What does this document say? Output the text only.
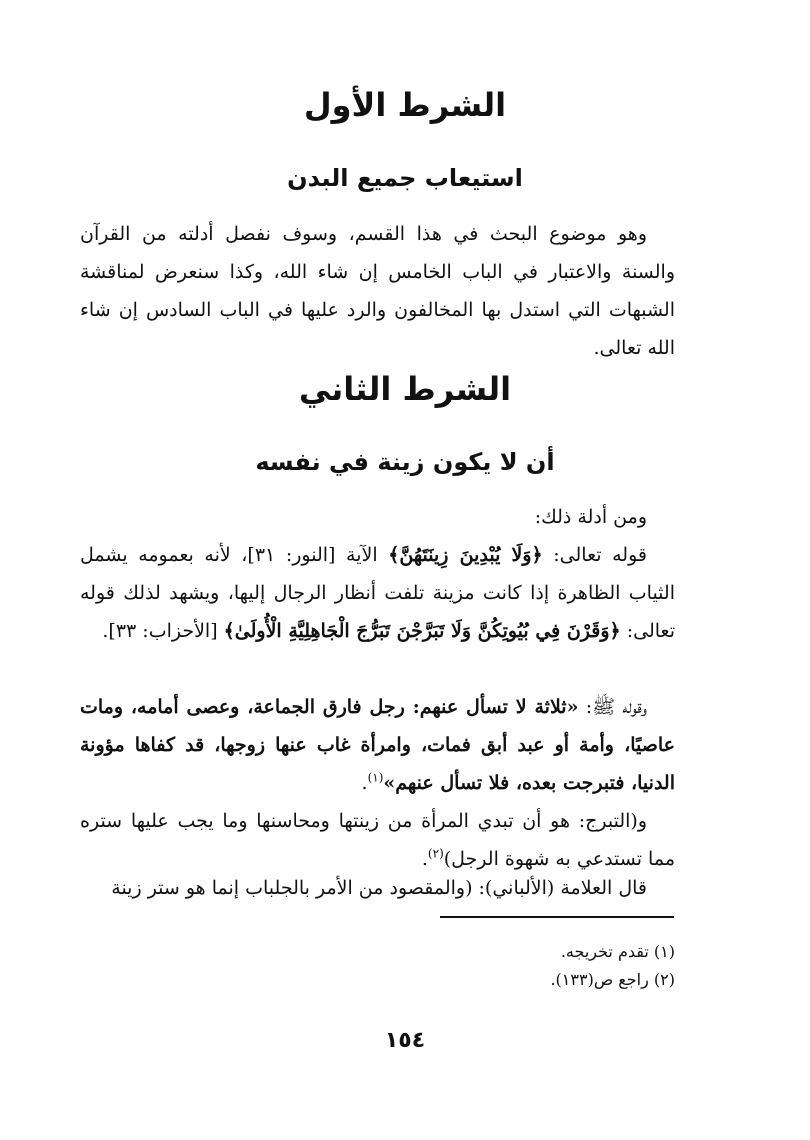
الشرط الأول
استيعاب جميع البدن

وهو موضوع البحث في هذا القسم، وسوف نفصل أدلته من القرآن والسنة والاعتبار في الباب الخامس إن شاء الله، وكذا سنعرض لمناقشة الشبهات التي استدل بها المخالفون والرد عليها في الباب السادس إن شاء الله تعالى.

الشرط الثاني
أن لا يكون زينة في نفسه

ومن أدلة ذلك:

قوله تعالى: ﴿وَلَا يُبْدِينَ زِينَتَهُنَّ﴾ الآية [النور: ٣١]، لأنه بعمومه يشمل الثياب الظاهرة إذا كانت مزينة تلفت أنظار الرجال إليها، ويشهد لذلك قوله تعالى: ﴿وَقَرْنَ فِي بُيُوتِكُنَّ وَلَا تَبَرَّجْنَ تَبَرُّجَ الْجَاهِلِيَّةِ الْأُولَىٰ﴾ [الأحزاب: ٣٣].

وقوله ﷺ: «ثلاثة لا تسأل عنهم: رجل فارق الجماعة، وعصى أمامه، ومات عاصيًا، وأمة أو عبد أبق فمات، وامرأة غاب عنها زوجها، قد كفاها مؤونة الدنيا، فتبرجت بعده، فلا تسأل عنهم»$^{(١)}$.

و(التبرج: هو أن تبدي المرأة من زينتها ومحاسنها وما يجب عليها ستره مما تستدعي به شهوة الرجل)$^{(٢)}$.

قال العلامة (الألباني): (والمقصود من الأمر بالجلباب إنما هو ستر زينة

(١) تقدم تخريجه.

(٢) راجع ص(١٣٣).

١٥٤
